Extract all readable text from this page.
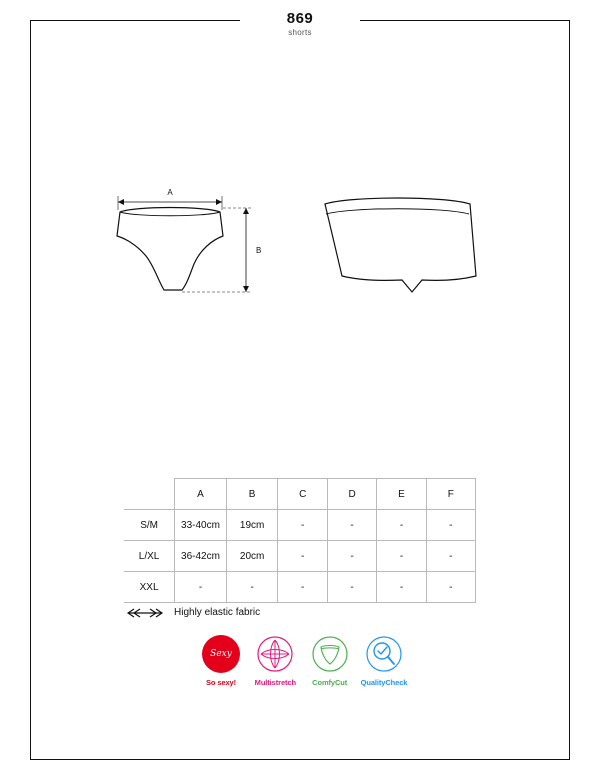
869
shorts
A
B
	A	B	C	D	E	F
S/M	33-40cm	19cm	-	-	-	-
L/XL	36-42cm	20cm	-	-	-	-
XXL	-	-	-	-	-	-
Highly elastic fabric
Sexy
So sexy!	Multistretch	ComfyCut	QualityCheck
